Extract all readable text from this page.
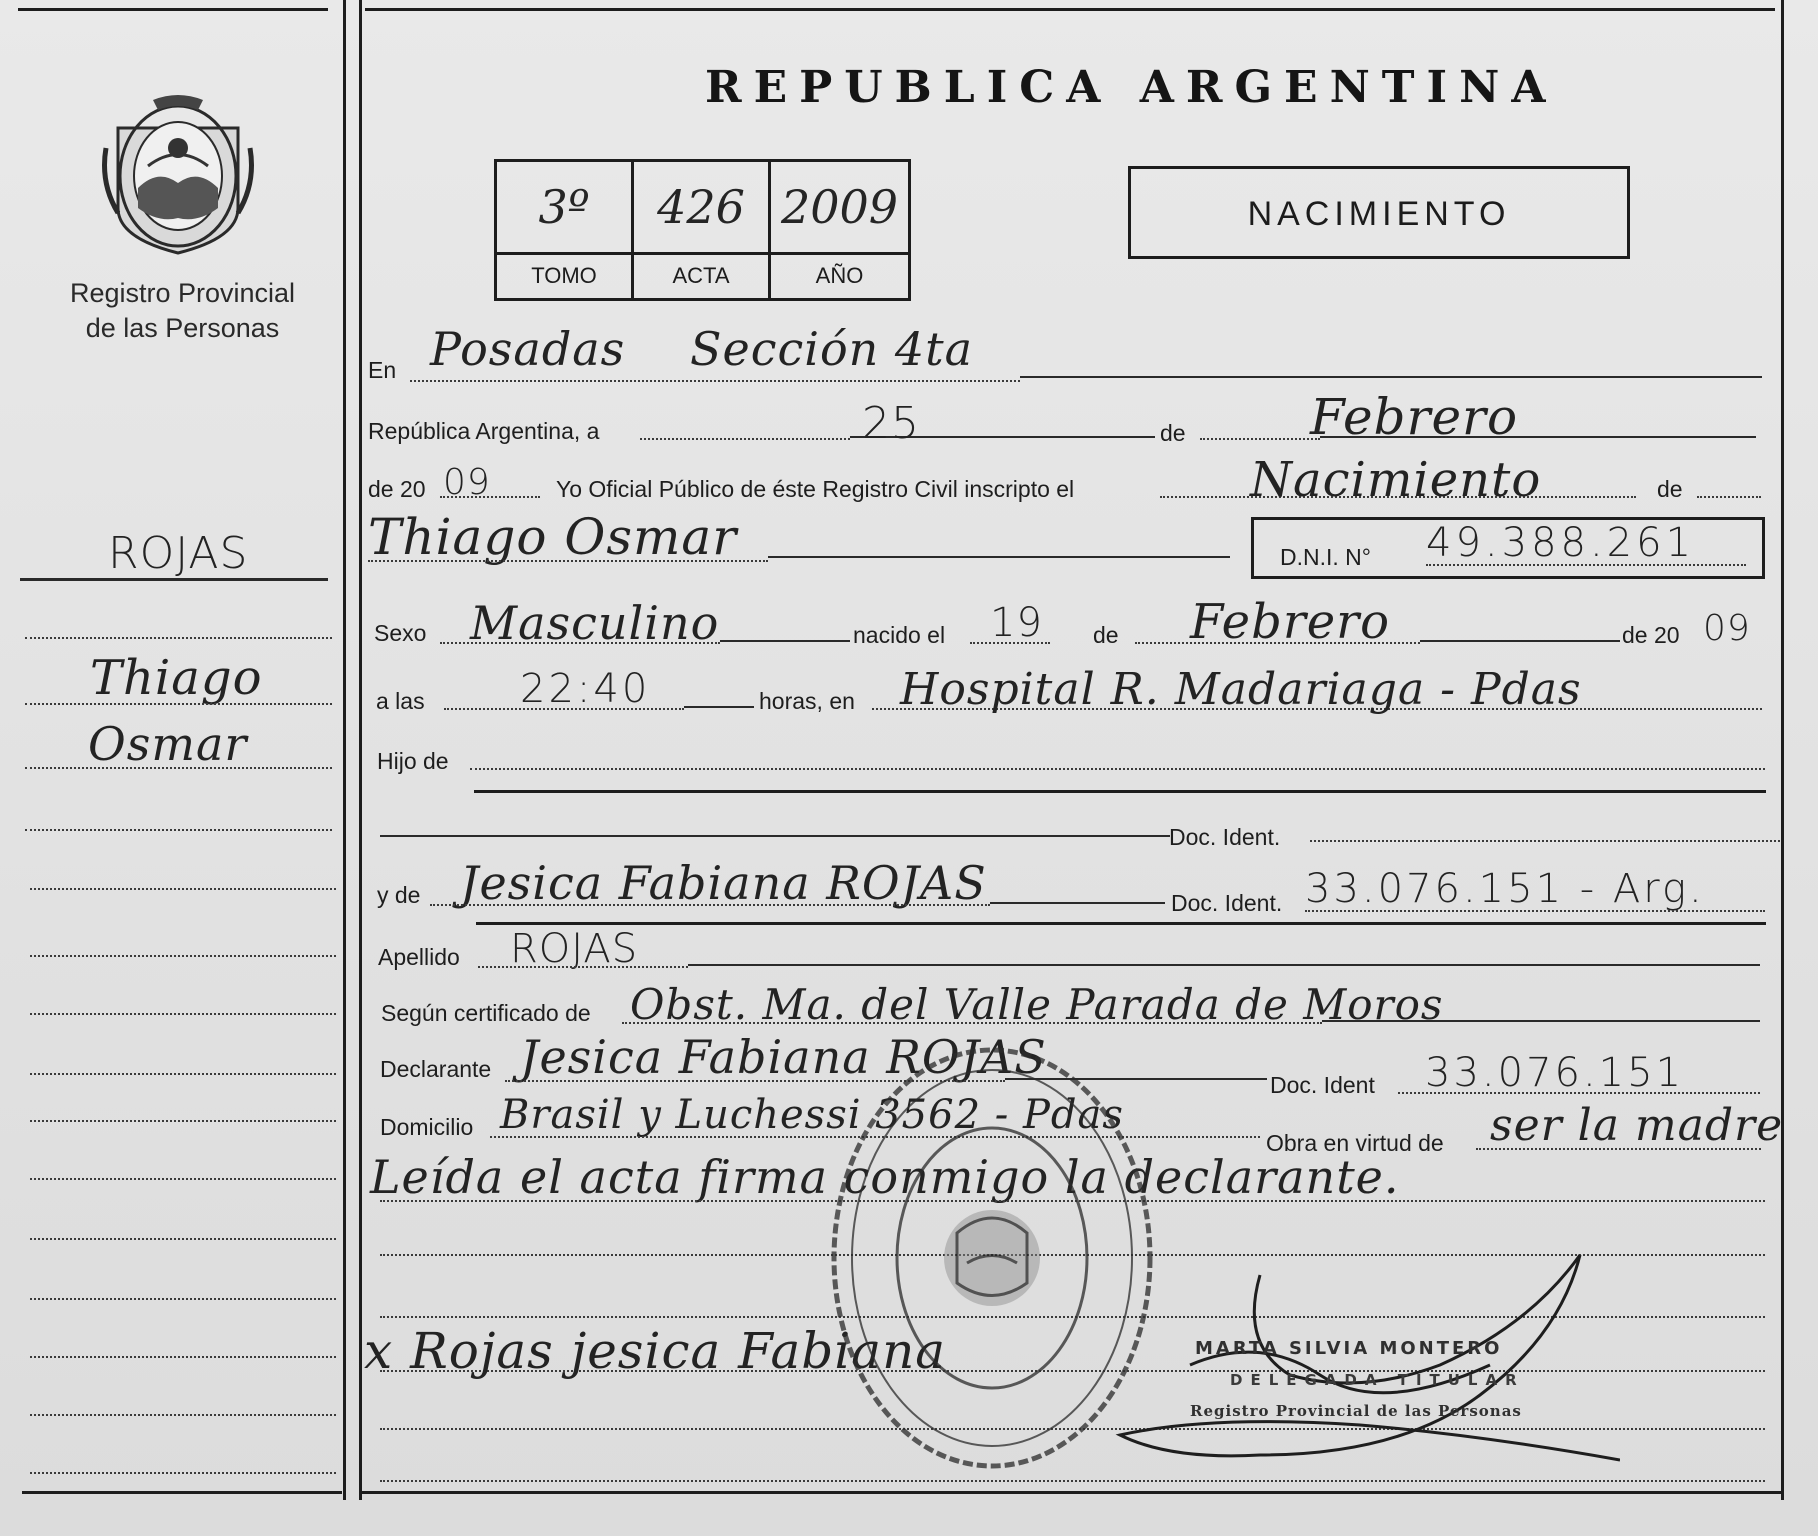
Registro Provincial
de las Personas
ROJAS
Thiago
Osmar
REPUBLICA ARGENTINA
3º	426 2009
TOMO	ACTA	AÑO
NACIMIENTO
En Posadas Sección 4ta
República Argentina, a	25	de Febrero
de 20 09	Yo Oficial Público de éste Registro Civil inscripto el	Nacimiento	de
Thiago Osmar	D.N.I. N° 49.388.261
Sexo Masculino	nacido el 19 de Febrero	de 20 09
a las 22:40	horas, en Hospital R. Madariaga - Pdas
Hijo de
Doc. Ident.
y de Jesica Fabiana ROJAS	Doc. Ident. 33.076.151 - Arg.
Apellido ROJAS
Según certificado de Obst. Ma. del Valle Parada de Moros
Declarante Jesica Fabiana ROJAS
Doc. Ident 33.076.151
Domicilio Brasil y Luchessi 3562 - Pdas
Obra en virtud de ser la madre
Leída el acta firma conmigo la declarante.
x Rojas jesica Fabiana	MARTA SILVIA MONTERO
DELEGADA TITULAR
Registro Provincial de las Personas
